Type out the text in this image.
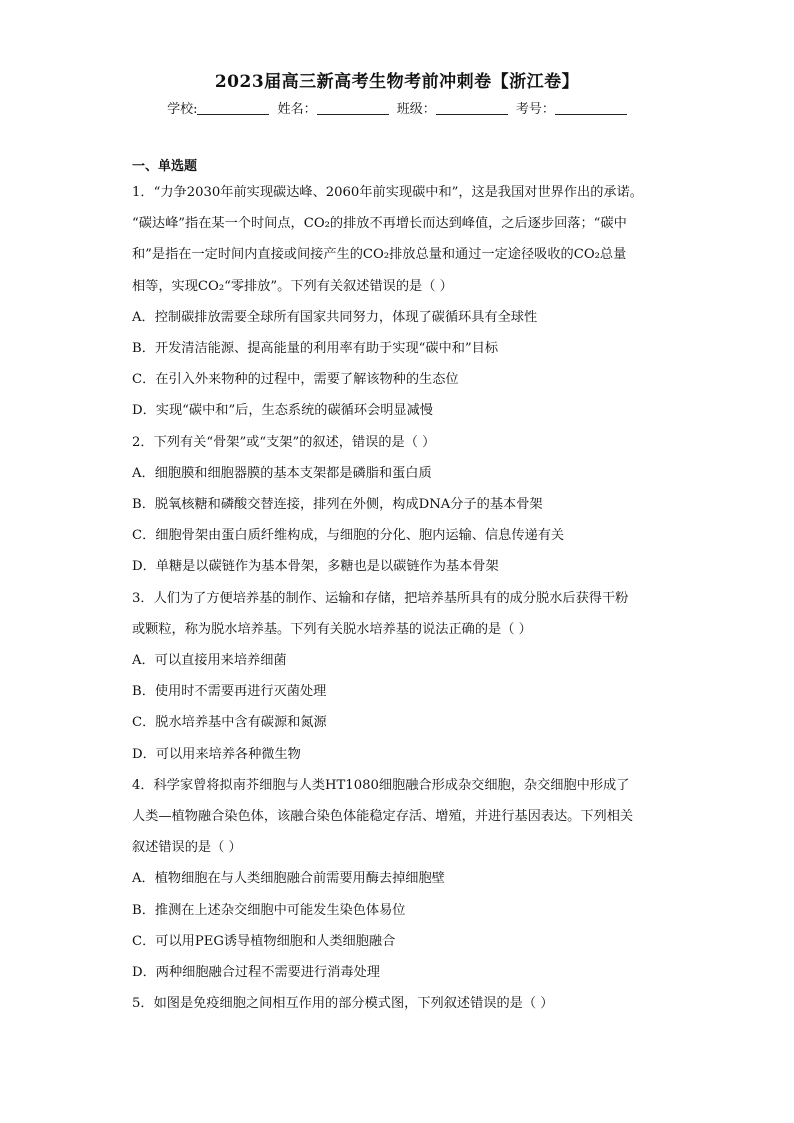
2023届高三新高考生物考前冲刺卷【浙江卷】
学校:	姓名：	班级：	考号：
一、单选题

1．“力争2030年前实现碳达峰、2060年前实现碳中和”，这是我国对世界作出的承诺。

“碳达峰”指在某一个时间点，CO₂的排放不再增长而达到峰值，之后逐步回落；“碳中

和”是指在一定时间内直接或间接产生的CO₂排放总量和通过一定途径吸收的CO₂总量

相等，实现CO₂“零排放”。下列有关叙述错误的是（ ）

A．控制碳排放需要全球所有国家共同努力，体现了碳循环具有全球性

B．开发清洁能源、提高能量的利用率有助于实现“碳中和”目标

C．在引入外来物种的过程中，需要了解该物种的生态位

D．实现“碳中和”后，生态系统的碳循环会明显减慢

2．下列有关“骨架”或“支架”的叙述，错误的是（ ）

A．细胞膜和细胞器膜的基本支架都是磷脂和蛋白质

B．脱氧核糖和磷酸交替连接，排列在外侧，构成DNA分子的基本骨架

C．细胞骨架由蛋白质纤维构成，与细胞的分化、胞内运输、信息传递有关

D．单糖是以碳链作为基本骨架，多糖也是以碳链作为基本骨架

3．人们为了方便培养基的制作、运输和存储，把培养基所具有的成分脱水后获得干粉

或颗粒，称为脱水培养基。下列有关脱水培养基的说法正确的是（ ）

A．可以直接用来培养细菌

B．使用时不需要再进行灭菌处理

C．脱水培养基中含有碳源和氮源

D．可以用来培养各种微生物

4．科学家曾将拟南芥细胞与人类HT1080细胞融合形成杂交细胞，杂交细胞中形成了

人类—植物融合染色体，该融合染色体能稳定存活、增殖，并进行基因表达。下列相关

叙述错误的是（ ）

A．植物细胞在与人类细胞融合前需要用酶去掉细胞壁

B．推测在上述杂交细胞中可能发生染色体易位

C．可以用PEG诱导植物细胞和人类细胞融合

D．两种细胞融合过程不需要进行消毒处理

5．如图是免疫细胞之间相互作用的部分模式图，下列叙述错误的是（ ）
